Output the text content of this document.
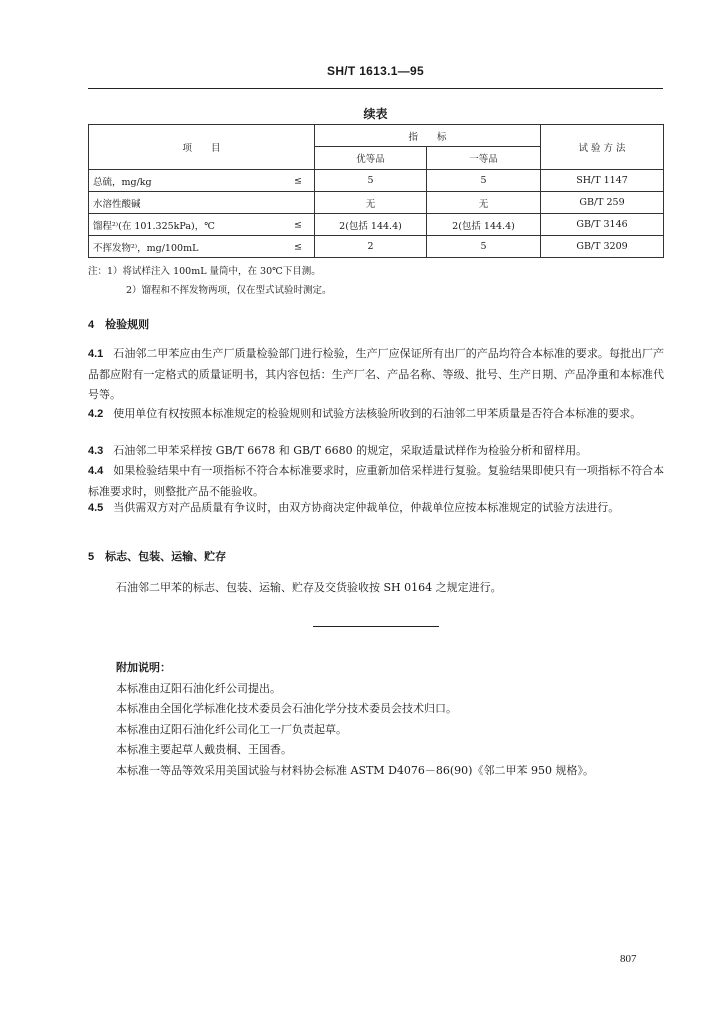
SH/T 1613.1—95
续表
项　　目	指　　标		试 验 方 法
	优等品	一等品	
总硫，mg/kg ≤	5	5	SH/T 1147
水溶性酸碱	无	无	GB/T 259
馏程²⁾(在 101.325kPa)，℃ ≤	2(包括 144.4)	2(包括 144.4)	GB/T 3146
不挥发物²⁾，mg/100mL ≤	2	5	GB/T 3209
注：1）将试样注入 100mL 量筒中，在 30℃下目测。
2）馏程和不挥发物两项，仅在型式试验时测定。
4　检验规则
4.1 石油邻二甲苯应由生产厂质量检验部门进行检验，生产厂应保证所有出厂的产品均符合本标准的要求。每批出厂产品都应附有一定格式的质量证明书，其内容包括：生产厂名、产品名称、等级、批号、生产日期、产品净重和本标准代号等。
4.2 使用单位有权按照本标准规定的检验规则和试验方法核验所收到的石油邻二甲苯质量是否符合本标准的要求。
4.3 石油邻二甲苯采样按 GB/T 6678 和 GB/T 6680 的规定，采取适量试样作为检验分析和留样用。
4.4 如果检验结果中有一项指标不符合本标准要求时，应重新加倍采样进行复验。复验结果即使只有一项指标不符合本标准要求时，则整批产品不能验收。
4.5 当供需双方对产品质量有争议时，由双方协商决定仲裁单位，仲裁单位应按本标准规定的试验方法进行。
5　标志、包装、运输、贮存
石油邻二甲苯的标志、包装、运输、贮存及交货验收按 SH 0164 之规定进行。
附加说明：
本标准由辽阳石油化纤公司提出。
本标准由全国化学标准化技术委员会石油化学分技术委员会技术归口。
本标准由辽阳石油化纤公司化工一厂负责起草。
本标准主要起草人戴贵桐、王国香。
本标准一等品等效采用美国试验与材料协会标准 ASTM D4076－86(90)《邻二甲苯 950 规格》。
807
